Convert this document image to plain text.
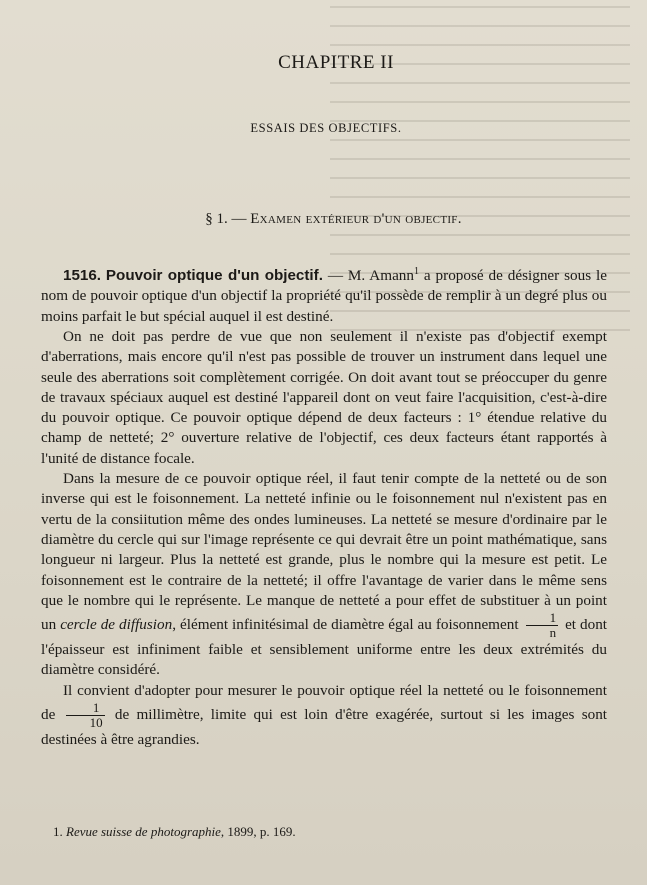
CHAPITRE II
ESSAIS DES OBJECTIFS.
§ 1. — Examen extérieur d'un objectif.

1516. Pouvoir optique d'un objectif. — M. Amann$^1$ a proposé de désigner sous le nom de pouvoir optique d'un objectif la propriété qu'il possède de remplir à un degré plus ou moins parfait le but spécial auquel il est destiné.

On ne doit pas perdre de vue que non seulement il n'existe pas d'objectif exempt d'aberrations, mais encore qu'il n'est pas possible de trouver un instrument dans lequel une seule des aberrations soit complètement corrigée. On doit avant tout se préoccuper du genre de travaux spéciaux auquel est destiné l'appareil dont on veut faire l'acquisition, c'est-à-dire du pouvoir optique. Ce pouvoir optique dépend de deux facteurs : 1° étendue relative du champ de netteté; 2° ouverture relative de l'objectif, ces deux facteurs étant rapportés à l'unité de distance focale.

Dans la mesure de ce pouvoir optique réel, il faut tenir compte de la netteté ou de son inverse qui est le foisonnement. La netteté infinie ou le foisonnement nul n'existent pas en vertu de la consiitution même des ondes lumineuses. La netteté se mesure d'ordinaire par le diamètre du cercle qui sur l'image représente ce qui devrait être un point mathématique, sans longueur ni largeur. Plus la netteté est grande, plus le nombre qui la mesure est petit. Le foisonnement est le contraire de la netteté; il offre l'avantage de varier dans le même sens que le nombre qui le représente. Le manque de netteté a pour effet de substituer à un point un cercle de diffusion, élément infinitésimal de diamètre égal au foisonnement $\frac{1}{n}$ et dont l'épaisseur est infiniment faible et sensiblement uniforme entre les deux extrémités du diamètre considéré.

Il convient d'adopter pour mesurer le pouvoir optique réel la netteté ou le foisonnement de $\frac{1}{10}$ de millimètre, limite qui est loin d'être exagérée, surtout si les images sont destinées à être agrandies.

1. Revue suisse de photographie, 1899, p. 169.
